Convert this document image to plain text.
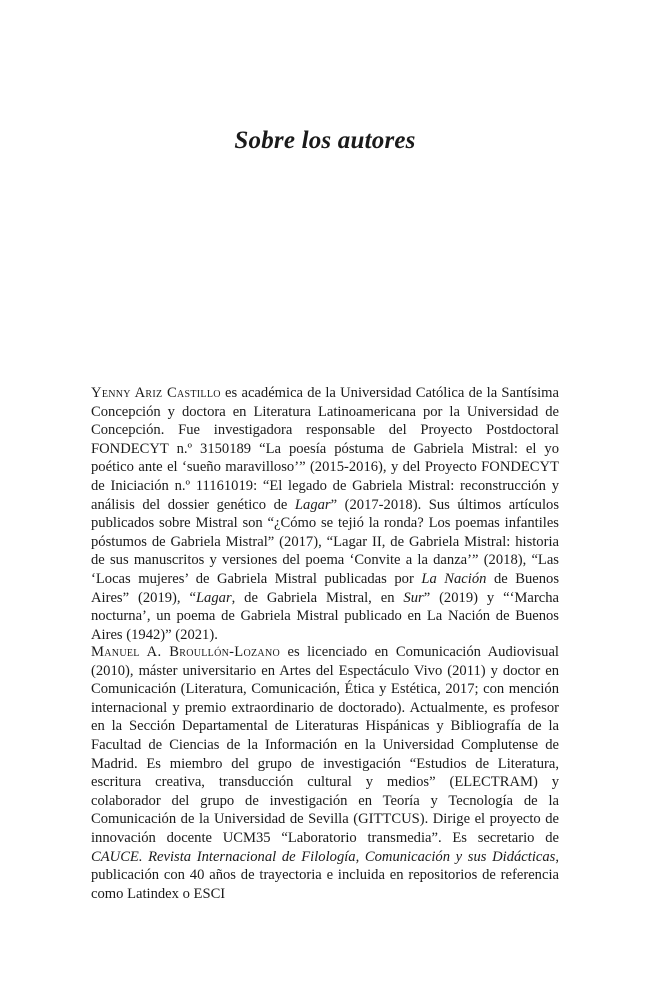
Sobre los autores

Yenny Ariz Castillo es académica de la Universidad Católica de la Santísima Concepción y doctora en Literatura Latinoamericana por la Universidad de Concepción. Fue investigadora responsable del Proyecto Postdoctoral FONDECYT n.º 3150189 “La poesía póstuma de Gabriela Mistral: el yo poético ante el ‘sueño maravilloso’” (2015-2016), y del Proyecto FONDECYT de Iniciación n.º 11161019: “El legado de Gabriela Mistral: reconstrucción y análisis del dossier genético de Lagar” (2017-2018). Sus últimos artículos publicados sobre Mistral son “¿Cómo se tejió la ronda? Los poemas infantiles póstumos de Gabriela Mistral” (2017), “Lagar II, de Gabriela Mistral: historia de sus manuscritos y versiones del poema ‘Convite a la danza’” (2018), “Las ‘Locas mujeres’ de Gabriela Mistral publicadas por La Nación de Buenos Aires” (2019), “Lagar, de Gabriela Mistral, en Sur” (2019) y “‘Marcha nocturna’, un poema de Gabriela Mistral publicado en La Nación de Buenos Aires (1942)” (2021).

Manuel A. Broullón-Lozano es licenciado en Comunicación Audiovisual (2010), máster universitario en Artes del Espectáculo Vivo (2011) y doctor en Comunicación (Literatura, Comunicación, Ética y Estética, 2017; con mención internacional y premio extraordinario de doctorado). Actualmente, es profesor en la Sección Departamental de Literaturas Hispánicas y Bibliografía de la Facultad de Ciencias de la Información en la Universidad Complutense de Madrid. Es miembro del grupo de investigación “Estudios de Literatura, escritura creativa, transducción cultural y medios” (ELECTRAM) y colaborador del grupo de investigación en Teoría y Tecnología de la Comunicación de la Universidad de Sevilla (GITTCUS). Dirige el proyecto de innovación docente UCM35 “Laboratorio transmedia”. Es secretario de CAUCE. Revista Internacional de Filología, Comunicación y sus Didácticas, publicación con 40 años de trayectoria e incluida en repositorios de referencia como Latindex o ESCI
